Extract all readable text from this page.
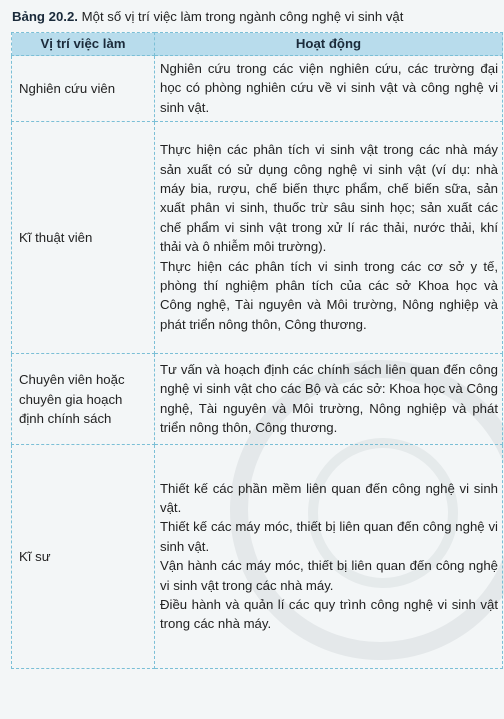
Bảng 20.2. Một số vị trí việc làm trong ngành công nghệ vi sinh vật
Vị trí việc làm	Hoạt động
Nghiên cứu viên	Nghiên cứu trong các viện nghiên cứu, các trường đại học có phòng nghiên cứu về vi sinh vật và công nghệ vi sinh vật.

Kĩ thuật viên	Thực hiện các phân tích vi sinh vật trong các nhà máy sản xuất có sử dụng công nghệ vi sinh vật (ví dụ: nhà máy bia, rượu, chế biến thực phẩm, chế biến sữa, sản xuất phân vi sinh, thuốc trừ sâu sinh học; sản xuất các chế phẩm vi sinh vật trong xử lí rác thải, nước thải, khí thải và ô nhiễm môi trường).

Thực hiện các phân tích vi sinh trong các cơ sở y tế, phòng thí nghiệm phân tích của các sở Khoa học và Công nghệ, Tài nguyên và Môi trường, Nông nghiệp và phát triển nông thôn, Công thương.

Chuyên viên hoặc chuyên gia hoạch định chính sách	Tư vấn và hoạch định các chính sách liên quan đến công nghệ vi sinh vật cho các Bộ và các sở: Khoa học và Công nghệ, Tài nguyên và Môi trường, Nông nghiệp và phát triển nông thôn, Công thương.

Kĩ sư	Thiết kế các phần mềm liên quan đến công nghệ vi sinh vật.

Thiết kế các máy móc, thiết bị liên quan đến công nghệ vi sinh vật.

Vận hành các máy móc, thiết bị liên quan đến công nghệ vi sinh vật trong các nhà máy.

Điều hành và quản lí các quy trình công nghệ vi sinh vật trong các nhà máy.
